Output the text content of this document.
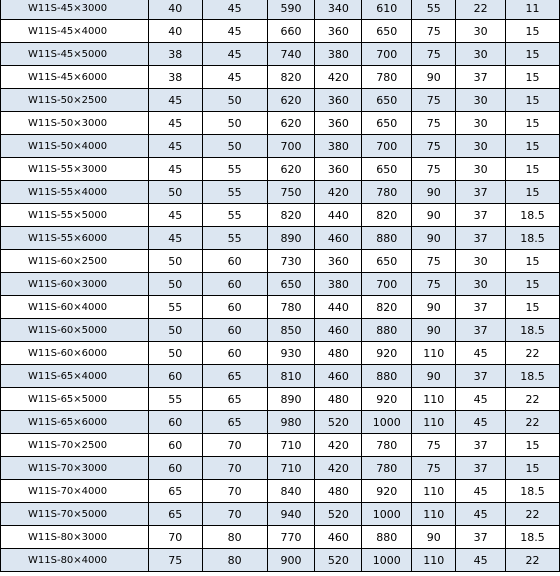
W11S-45×3000	40	45	590	340	610	55	22	11
W11S-45×4000	40	45	660	360	650	75	30	15
W11S-45×5000	38	45	740	380	700	75	30	15
W11S-45×6000	38	45	820	420	780	90	37	15
W11S-50×2500	45	50	620	360	650	75	30	15
W11S-50×3000	45	50	620	360	650	75	30	15
W11S-50×4000	45	50	700	380	700	75	30	15
W11S-55×3000	45	55	620	360	650	75	30	15
W11S-55×4000	50	55	750	420	780	90	37	15
W11S-55×5000	45	55	820	440	820	90	37	18.5
W11S-55×6000	45	55	890	460	880	90	37	18.5
W11S-60×2500	50	60	730	360	650	75	30	15
W11S-60×3000	50	60	650	380	700	75	30	15
W11S-60×4000	55	60	780	440	820	90	37	15
W11S-60×5000	50	60	850	460	880	90	37	18.5
W11S-60×6000	50	60	930	480	920	110	45	22
W11S-65×4000	60	65	810	460	880	90	37	18.5
W11S-65×5000	55	65	890	480	920	110	45	22
W11S-65×6000	60	65	980	520	1000	110	45	22
W11S-70×2500	60	70	710	420	780	75	37	15
W11S-70×3000	60	70	710	420	780	75	37	15
W11S-70×4000	65	70	840	480	920	110	45	18.5
W11S-70×5000	65	70	940	520	1000	110	45	22
W11S-80×3000	70	80	770	460	880	90	37	18.5
W11S-80×4000	75	80	900	520	1000	110	45	22
